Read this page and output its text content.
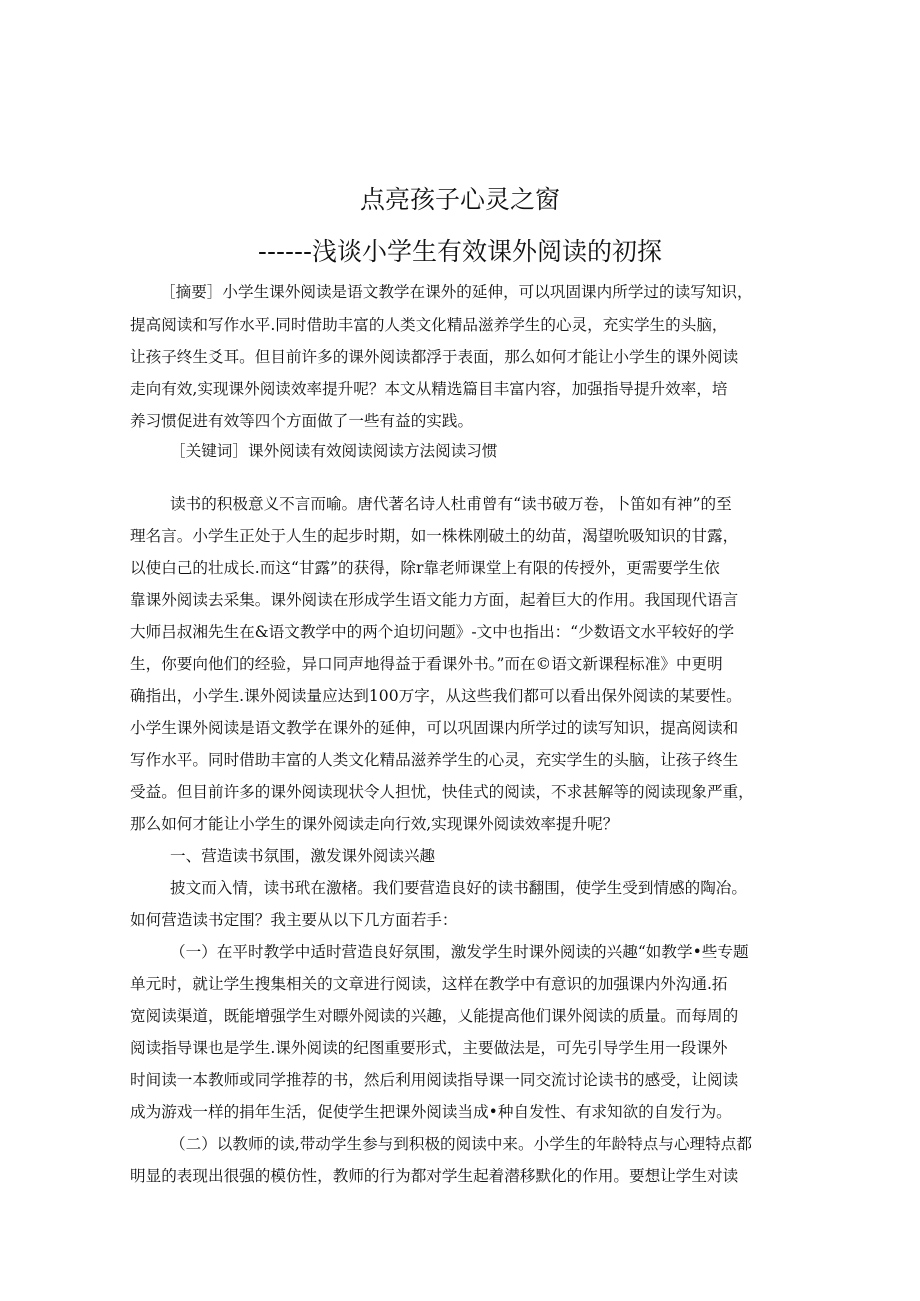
点亮孩子心灵之窗
------浅谈小学生有效课外阅读的初探
［摘要］小学生课外阅读是语文教学在课外的延伸，可以巩固课内所学过的读写知识，
提高阅读和写作水平.同时借助丰富的人类文化精品滋养学生的心灵，充实学生的头脑，
让孩子终生爻耳。但目前许多的课外阅读都浮于表面，那么如何才能让小学生的课外阅读
走向有效,实现课外阅读效率提升呢？本文从精选篇目丰富内容，加强指导提升效率，培
养习惯促进有效等四个方面做了一些有益的实践。
［关键词］课外阅读有效阅读阅读方法阅读习惯
读书的积极意义不言而喻。唐代著名诗人杜甫曾有“读书破万卷，卜笛如有神”的至
理名言。小学生正处于人生的起步时期，如一株株刚破土的幼苗，渴望吮吸知识的甘露，
以使白己的壮成长.而这“甘露”的获得，除r靠老师课堂上有限的传授外，更需要学生依
靠课外阅读去采集。课外阅读在形成学生语文能力方面，起着巨大的作用。我国现代语言
大师吕叔湘先生在&语文教学中的两个迫切问题》-文中也指出：“少数语文水平较好的学
生，你要向他们的经验，异口同声地得益于看课外书。”而在©语文新课程标准》中更明
确指出，小学生.课外阅读量应达到100万字，从这些我们都可以看出保外阅读的某要性。
小学生课外阅读是语文教学在课外的延伸，可以巩固课内所学过的读写知识，提高阅读和
写作水平。同时借助丰富的人类文化精品滋养学生的心灵，充实学生的头脑，让孩子终生
受益。但目前许多的课外阅读现状令人担忧，快佳式的阅读，不求甚解等的阅读现象严重，
那么如何才能让小学生的课外阅读走向行效,实现课外阅读效率提升呢？
一、营造读书氛围，激发课外阅读兴趣
披文而入情，读书玳在激楮。我们要营造良好的读书翻围，使学生受到情感的陶冶。
如何营造读书定围？我主要从以下几方面若手：
（一）在平时教学中适时营造良好氛围，激发学生时课外阅读的兴趣“如教学•些专题
单元时，就让学生搜集相关的文章进行阅读，这样在教学中有意识的加强课内外沟通.拓
宽阅读渠道，既能增强学生对瞟外阅读的兴趣，乂能提高他们课外阅读的质量。而每周的
阅读指导课也是学生.课外阅读的纪图重要形式，主要做法是，可先引导学生用一段课外
时间读一本教师或同学推荐的书，然后利用阅读指导课一同交流讨论读书的感受，让阅读
成为游戏一样的捐年生活，促使学生把课外阅读当成•种自发性、有求知欲的自发行为。
（二）以教师的读,带动学生参与到积极的阅读中来。小学生的年龄特点与心理特点都
明显的表现出很强的模仿性，教师的行为都对学生起着潜移默化的作用。要想让学生对读
